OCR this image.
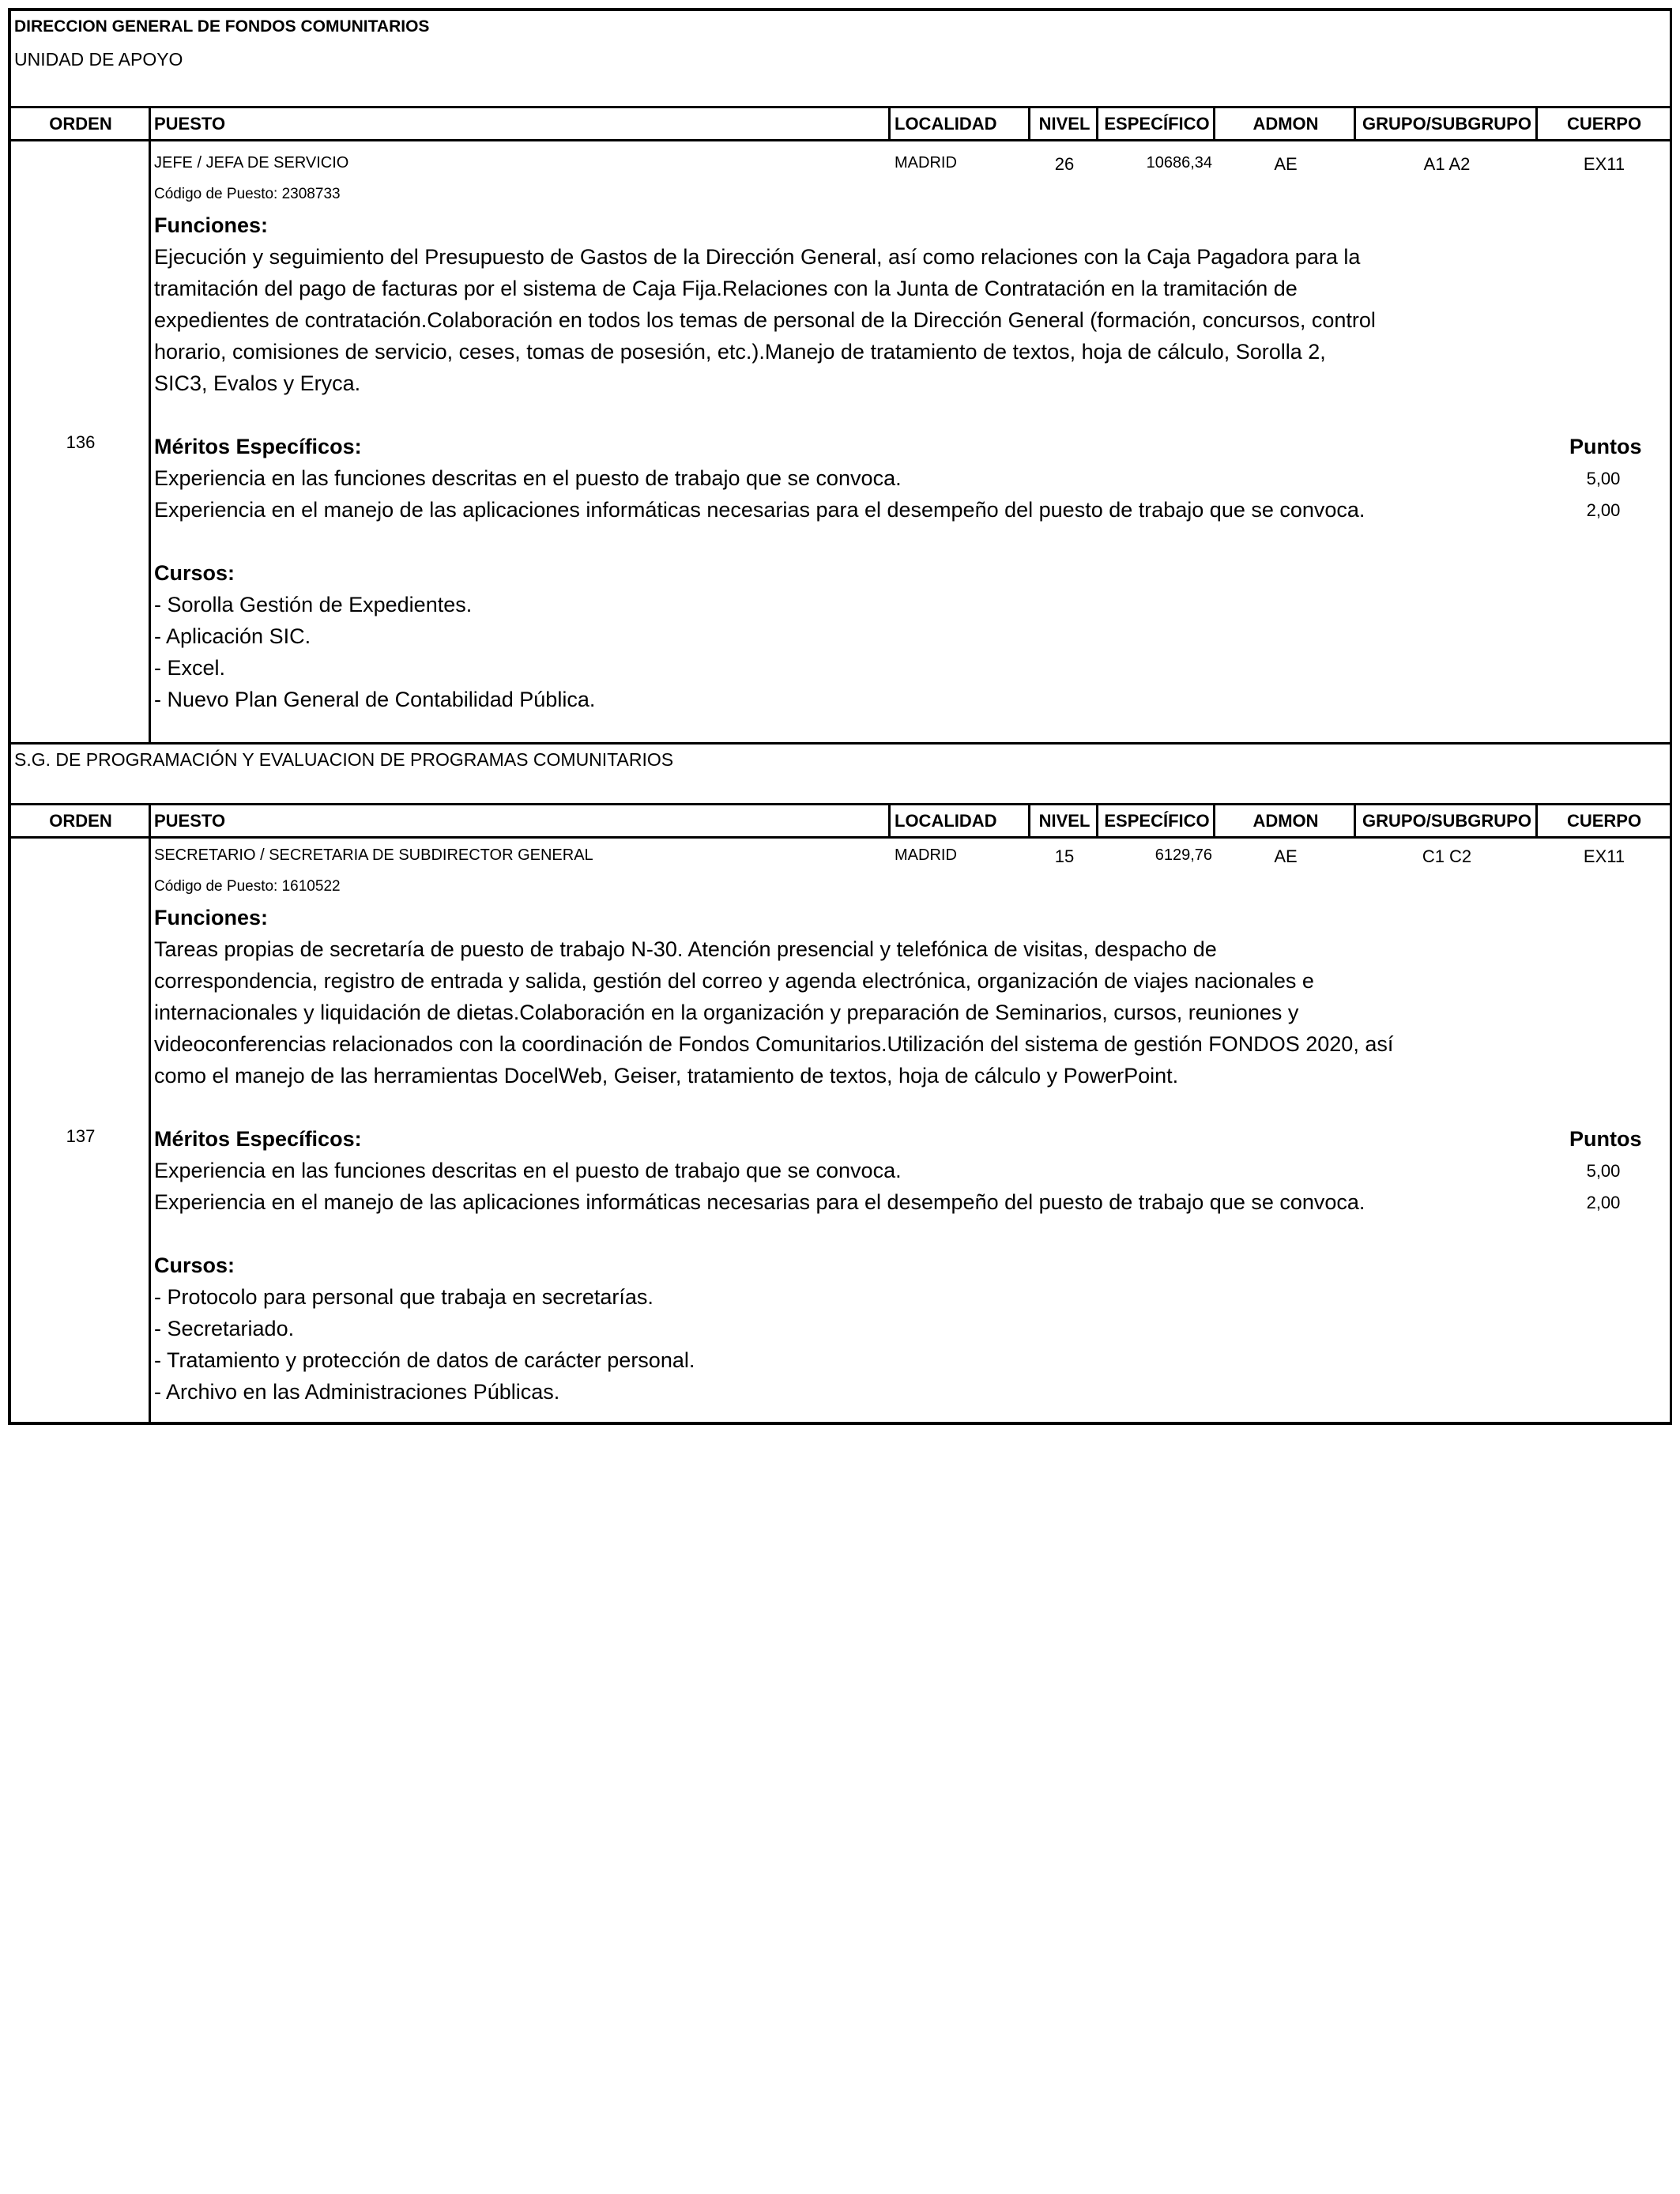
DIRECCION GENERAL DE FONDOS COMUNITARIOS
UNIDAD DE APOYO
ORDEN	PUESTO	LOCALIDAD	NIVEL ESPECÍFICO	ADMON	GRUPO/SUBGRUPO	CUERPO
136
JEFE / JEFA DE SERVICIO	MADRID	26	10686,34	AE	A1 A2	EX11
Código de Puesto: 2308733
Funciones:
Ejecución y seguimiento del Presupuesto de Gastos de la Dirección General, así como relaciones con la Caja Pagadora para la
tramitación del pago de facturas por el sistema de Caja Fija.Relaciones con la Junta de Contratación en la tramitación de
expedientes de contratación.Colaboración en todos los temas de personal de la Dirección General (formación, concursos, control
horario, comisiones de servicio, ceses, tomas de posesión, etc.).Manejo de tratamiento de textos, hoja de cálculo, Sorolla 2,
SIC3, Evalos y Eryca.
Méritos Específicos:	Puntos
Experiencia en las funciones descritas en el puesto de trabajo que se convoca.	5,00
Experiencia en el manejo de las aplicaciones informáticas necesarias para el desempeño del puesto de trabajo que se convoca.	2,00
Cursos:
- Sorolla Gestión de Expedientes.
- Aplicación SIC.
- Excel.
- Nuevo Plan General de Contabilidad Pública.
S.G. DE PROGRAMACIÓN Y EVALUACION DE PROGRAMAS COMUNITARIOS
ORDEN	PUESTO	LOCALIDAD	NIVEL ESPECÍFICO	ADMON	GRUPO/SUBGRUPO	CUERPO
137
SECRETARIO / SECRETARIA DE SUBDIRECTOR GENERAL	MADRID	15	6129,76	AE	C1 C2	EX11
Código de Puesto: 1610522
Funciones:
Tareas propias de secretaría de puesto de trabajo N-30. Atención presencial y telefónica de visitas, despacho de
correspondencia, registro de entrada y salida, gestión del correo y agenda electrónica, organización de viajes nacionales e
internacionales y liquidación de dietas.Colaboración en la organización y preparación de Seminarios, cursos, reuniones y
videoconferencias relacionados con la coordinación de Fondos Comunitarios.Utilización del sistema de gestión FONDOS 2020, así
como el manejo de las herramientas DocelWeb, Geiser, tratamiento de textos, hoja de cálculo y PowerPoint.
Méritos Específicos:	Puntos
Experiencia en las funciones descritas en el puesto de trabajo que se convoca.	5,00
Experiencia en el manejo de las aplicaciones informáticas necesarias para el desempeño del puesto de trabajo que se convoca.	2,00
Cursos:
- Protocolo para personal que trabaja en secretarías.
- Secretariado.
- Tratamiento y protección de datos de carácter personal.
- Archivo en las Administraciones Públicas.
